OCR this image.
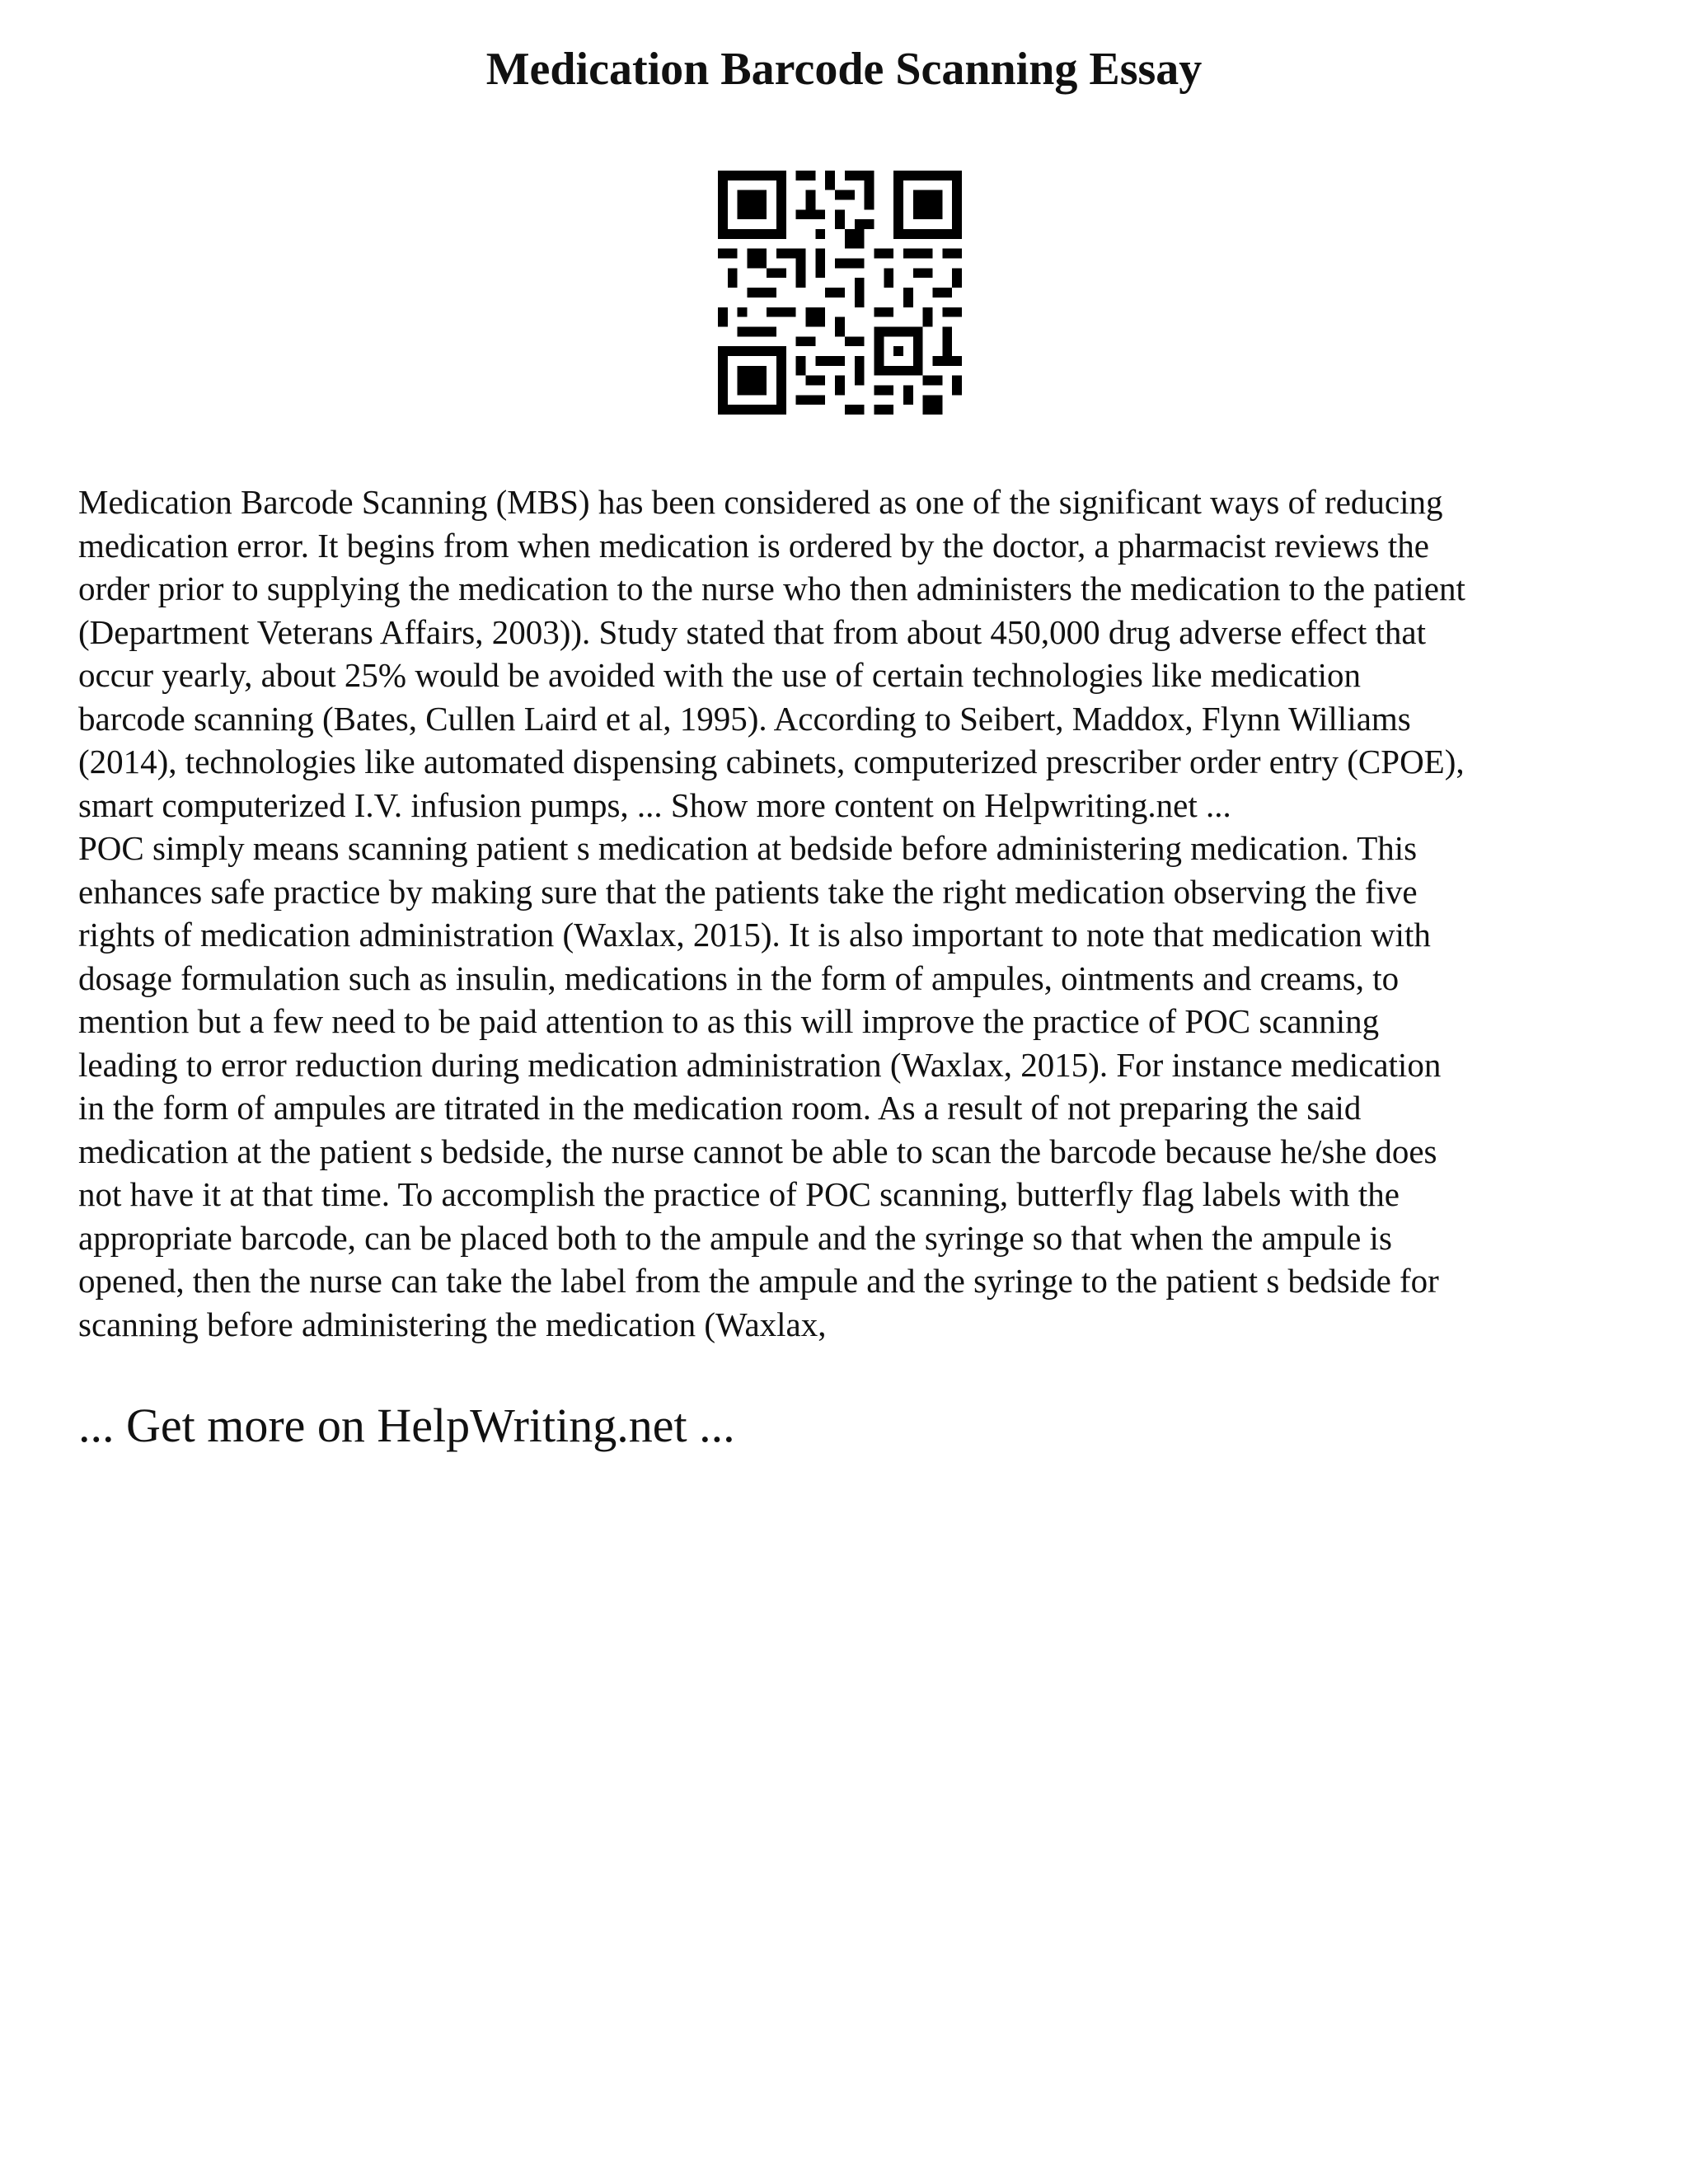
Medication Barcode Scanning Essay

Medication Barcode Scanning (MBS) has been considered as one of the significant ways of reducing
medication error. It begins from when medication is ordered by the doctor, a pharmacist reviews the
order prior to supplying the medication to the nurse who then administers the medication to the patient
(Department Veterans Affairs, 2003)). Study stated that from about 450,000 drug adverse effect that
occur yearly, about 25% would be avoided with the use of certain technologies like medication
barcode scanning (Bates, Cullen Laird et al, 1995). According to Seibert, Maddox, Flynn Williams
(2014), technologies like automated dispensing cabinets, computerized prescriber order entry (CPOE),
smart computerized I.V. infusion pumps, ... Show more content on Helpwriting.net ...

POC simply means scanning patient s medication at bedside before administering medication. This
enhances safe practice by making sure that the patients take the right medication observing the five
rights of medication administration (Waxlax, 2015). It is also important to note that medication with
dosage formulation such as insulin, medications in the form of ampules, ointments and creams, to
mention but a few need to be paid attention to as this will improve the practice of POC scanning
leading to error reduction during medication administration (Waxlax, 2015). For instance medication
in the form of ampules are titrated in the medication room. As a result of not preparing the said
medication at the patient s bedside, the nurse cannot be able to scan the barcode because he/she does
not have it at that time. To accomplish the practice of POC scanning, butterfly flag labels with the
appropriate barcode, can be placed both to the ampule and the syringe so that when the ampule is
opened, then the nurse can take the label from the ampule and the syringe to the patient s bedside for
scanning before administering the medication (Waxlax,

... Get more on HelpWriting.net ...
